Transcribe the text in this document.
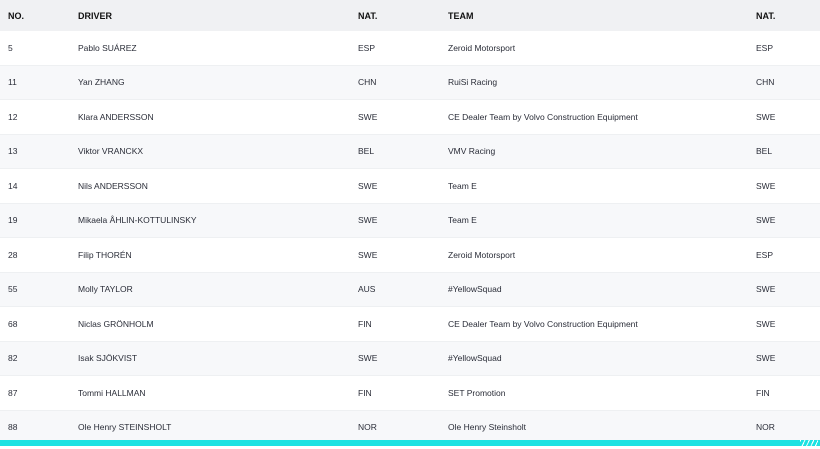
NO.	DRIVER	NAT.	TEAM	NAT.
5	Pablo SUÁREZ	ESP	Zeroid Motorsport	ESP
11	Yan ZHANG	CHN	RuiSi Racing	CHN
12	Klara ANDERSSON	SWE	CE Dealer Team by Volvo Construction Equipment	SWE
13	Viktor VRANCKX	BEL	VMV Racing	BEL
14	Nils ANDERSSON	SWE	Team E	SWE
19	Mikaela ÅHLIN-KOTTULINSKY	SWE	Team E	SWE
28	Filip THORÉN	SWE	Zeroid Motorsport	ESP
55	Molly TAYLOR	AUS	#YellowSquad	SWE
68	Niclas GRÖNHOLM	FIN	CE Dealer Team by Volvo Construction Equipment	SWE
82	Isak SJÖKVIST	SWE	#YellowSquad	SWE
87	Tommi HALLMAN	FIN	SET Promotion	FIN
88	Ole Henry STEINSHOLT	NOR	Ole Henry Steinsholt	NOR
